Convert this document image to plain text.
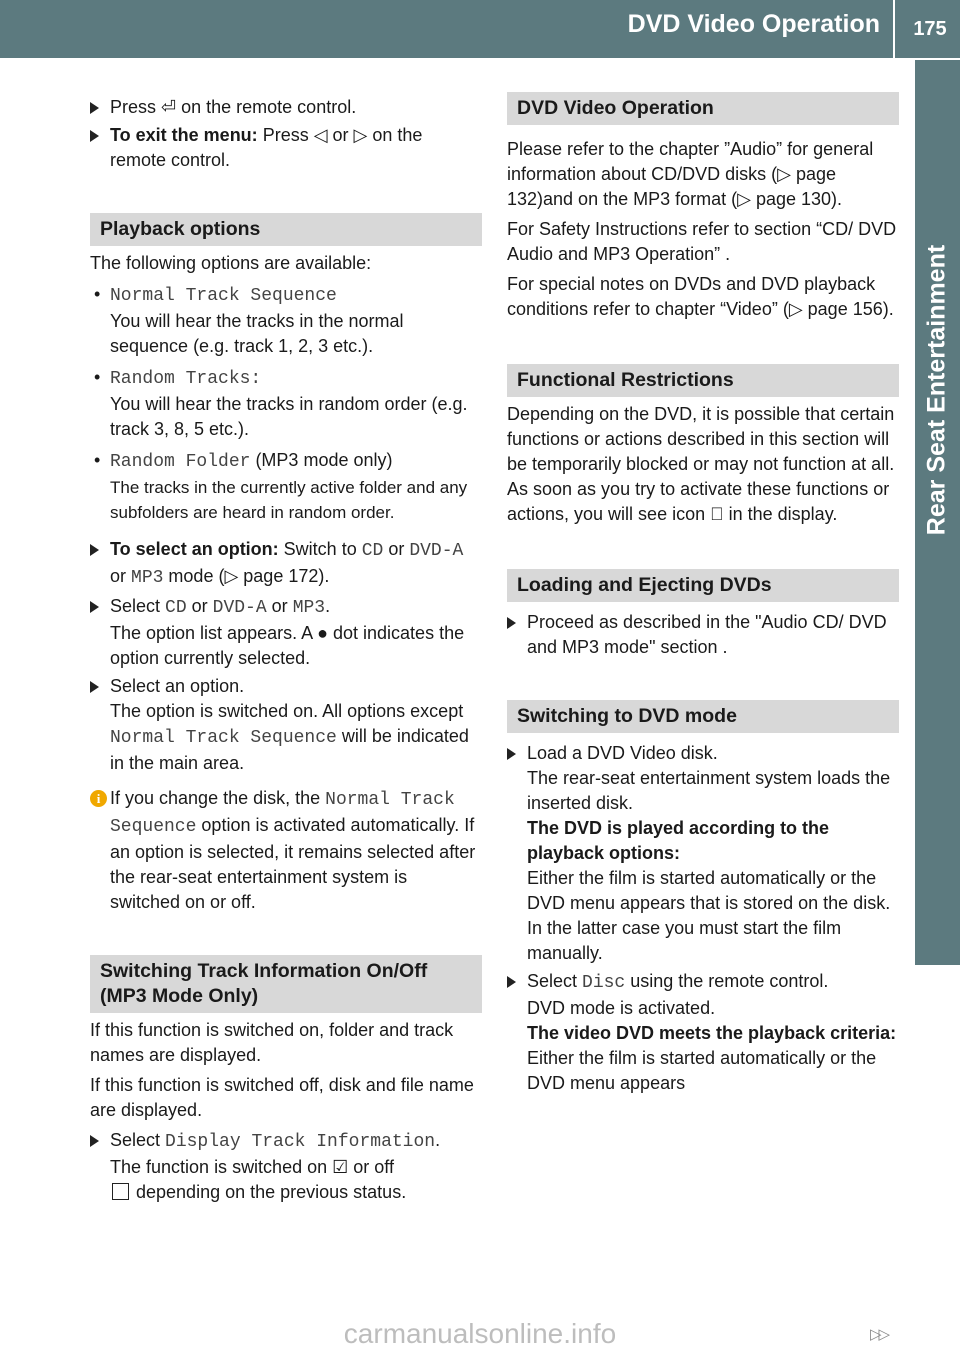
DVD Video Operation	175
Rear Seat Entertainment
Press ⏎ on the remote control.
To exit the menu: Press ◁ or ▷ on the remote control.
Playback options

The following options are available:

• Normal Track Sequence
You will hear the tracks in the normal sequence (e.g. track 1, 2, 3 etc.).
• Random Tracks:
You will hear the tracks in random order (e.g. track 3, 8, 5 etc.).
• Random Folder (MP3 mode only)
The tracks in the currently active folder and any subfolders are heard in random order.
To select an option: Switch to CD or DVD-A or MP3 mode (▷ page 172).
Select CD or DVD-A or MP3.
The option list appears. A ● dot indicates the option currently selected.
Select an option.
The option is switched on. All options except Normal Track Sequence will be indicated in the main area.
i If you change the disk, the Normal Track Sequence option is activated automatically. If an option is selected, it remains selected after the rear-seat entertainment system is switched on or off.
Switching Track Information On/Off (MP3 Mode Only)

If this function is switched on, folder and track names are displayed.

If this function is switched off, disk and file name are displayed.

Select Display Track Information.
The function is switched on ☑ or off
depending on the previous status.
DVD Video Operation

Please refer to the chapter ”Audio” for general information about CD/DVD disks (▷ page 132)and on the MP3 format (▷ page 130).

For Safety Instructions refer to section “CD/ DVD Audio and MP3 Operation” .

For special notes on DVDs and DVD playback conditions refer to chapter “Video” (▷ page 156).

Functional Restrictions

Depending on the DVD, it is possible that certain functions or actions described in this section will be temporarily blocked or may not function at all. As soon as you try to activate these functions or actions, you will see icon in the display.

Loading and Ejecting DVDs
Proceed as described in the "Audio CD/ DVD and MP3 mode" section .
Switching to DVD mode
Load a DVD Video disk.
The rear-seat entertainment system loads the inserted disk.
The DVD is played according to the playback options:
Either the film is started automatically or the DVD menu appears that is stored on the disk. In the latter case you must start the film manually.
Select Disc using the remote control.
DVD mode is activated.
The video DVD meets the playback criteria: Either the film is started automatically or the DVD menu appears
carmanualsonline.info	▷▷
